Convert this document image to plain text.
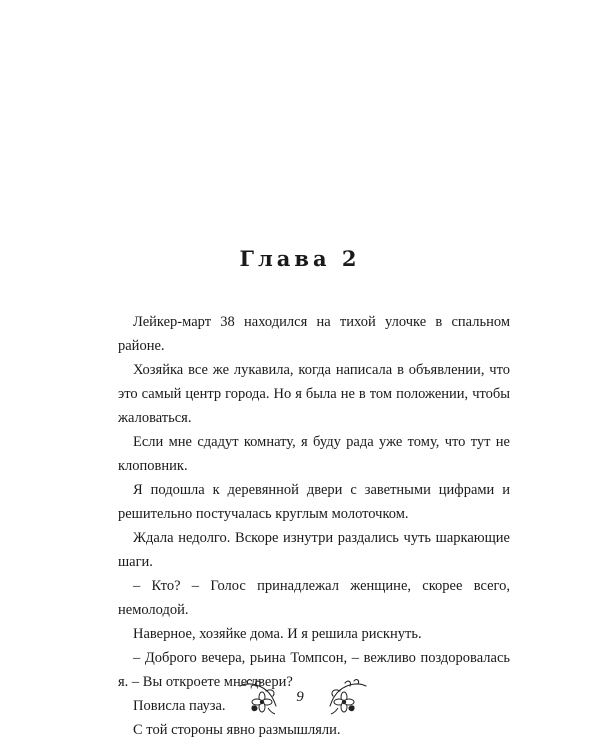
Глава 2

Лейкер-март 38 находился на тихой улочке в спальном районе.

Хозяйка все же лукавила, когда написала в объявлении, что это самый центр города. Но я была не в том положении, чтобы жаловаться.

Если мне сдадут комнату, я буду рада уже тому, что тут не клоповник.

Я подошла к деревянной двери с заветными цифрами и решительно постучалась круглым молоточком.

Ждала недолго. Вскоре изнутри раздались чуть шаркающие шаги.

– Кто? – Голос принадлежал женщине, скорее всего, немолодой.

Наверное, хозяйке дома. И я решила рискнуть.

– Доброго вечера, рьина Томпсон, – вежливо поздоровалась я. – Вы откроете мне двери?

Повисла пауза.

С той стороны явно размышляли.

9
